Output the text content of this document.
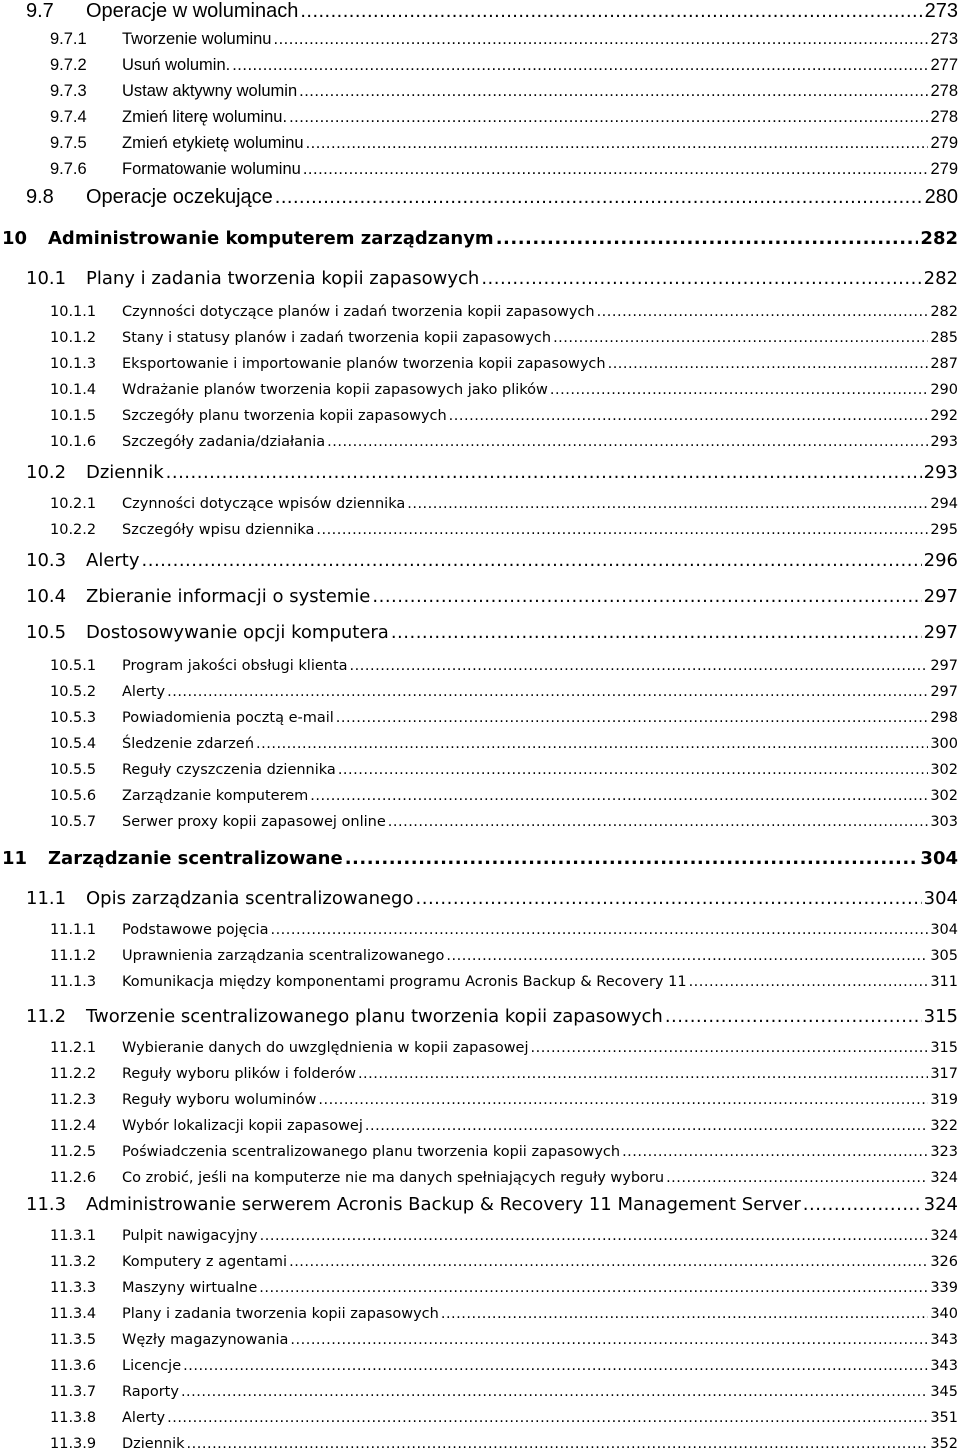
9.7 Operacje w woluminach .....	273
9.7.1 Tworzenie woluminu .....	273
9.7.2 Usuń wolumin. .....	277
9.7.3 Ustaw aktywny wolumin .....	278
9.7.4 Zmień literę woluminu. .....	278
9.7.5 Zmień etykietę woluminu .....	279
9.7.6 Formatowanie woluminu .....	279
9.8 Operacje oczekujące .....	280
10 Administrowanie komputerem zarządzanym .....	282
10.1 Plany i zadania tworzenia kopii zapasowych .....	282
10.1.1 Czynności dotyczące planów i zadań tworzenia kopii zapasowych .....	282
10.1.2 Stany i statusy planów i zadań tworzenia kopii zapasowych .....	285
10.1.3 Eksportowanie i importowanie planów tworzenia kopii zapasowych .....	287
10.1.4 Wdrażanie planów tworzenia kopii zapasowych jako plików .....	290
10.1.5 Szczegóły planu tworzenia kopii zapasowych .....	292
10.1.6 Szczegóły zadania/działania .....	293
10.2 Dziennik .....	293
10.2.1 Czynności dotyczące wpisów dziennika .....	294
10.2.2 Szczegóły wpisu dziennika .....	295
10.3 Alerty .....	296
10.4 Zbieranie informacji o systemie .....	297
10.5 Dostosowywanie opcji komputera .....	297
10.5.1 Program jakości obsługi klienta .....	297
10.5.2 Alerty .....	297
10.5.3 Powiadomienia pocztą e-mail .....	298
10.5.4 Śledzenie zdarzeń .....	300
10.5.5 Reguły czyszczenia dziennika .....	302
10.5.6 Zarządzanie komputerem .....	302
10.5.7 Serwer proxy kopii zapasowej online .....	303
11 Zarządzanie scentralizowane .....	304
11.1 Opis zarządzania scentralizowanego .....	304
11.1.1 Podstawowe pojęcia .....	304
11.1.2 Uprawnienia zarządzania scentralizowanego .....	305
11.1.3 Komunikacja między komponentami programu Acronis Backup & Recovery 11 .....	311
11.2 Tworzenie scentralizowanego planu tworzenia kopii zapasowych .....	315
11.2.1 Wybieranie danych do uwzględnienia w kopii zapasowej .....	315
11.2.2 Reguły wyboru plików i folderów .....	317
11.2.3 Reguły wyboru woluminów .....	319
11.2.4 Wybór lokalizacji kopii zapasowej .....	322
11.2.5 Poświadczenia scentralizowanego planu tworzenia kopii zapasowych .....	323
11.2.6 Co zrobić, jeśli na komputerze nie ma danych spełniających reguły wyboru .....	324
11.3 Administrowanie serwerem Acronis Backup & Recovery 11 Management Server .....	324
11.3.1 Pulpit nawigacyjny .....	324
11.3.2 Komputery z agentami .....	326
11.3.3 Maszyny wirtualne .....	339
11.3.4 Plany i zadania tworzenia kopii zapasowych .....	340
11.3.5 Węzły magazynowania .....	343
11.3.6 Licencje .....	343
11.3.7 Raporty .....	345
11.3.8 Alerty .....	351
11.3.9 Dziennik .....	352
